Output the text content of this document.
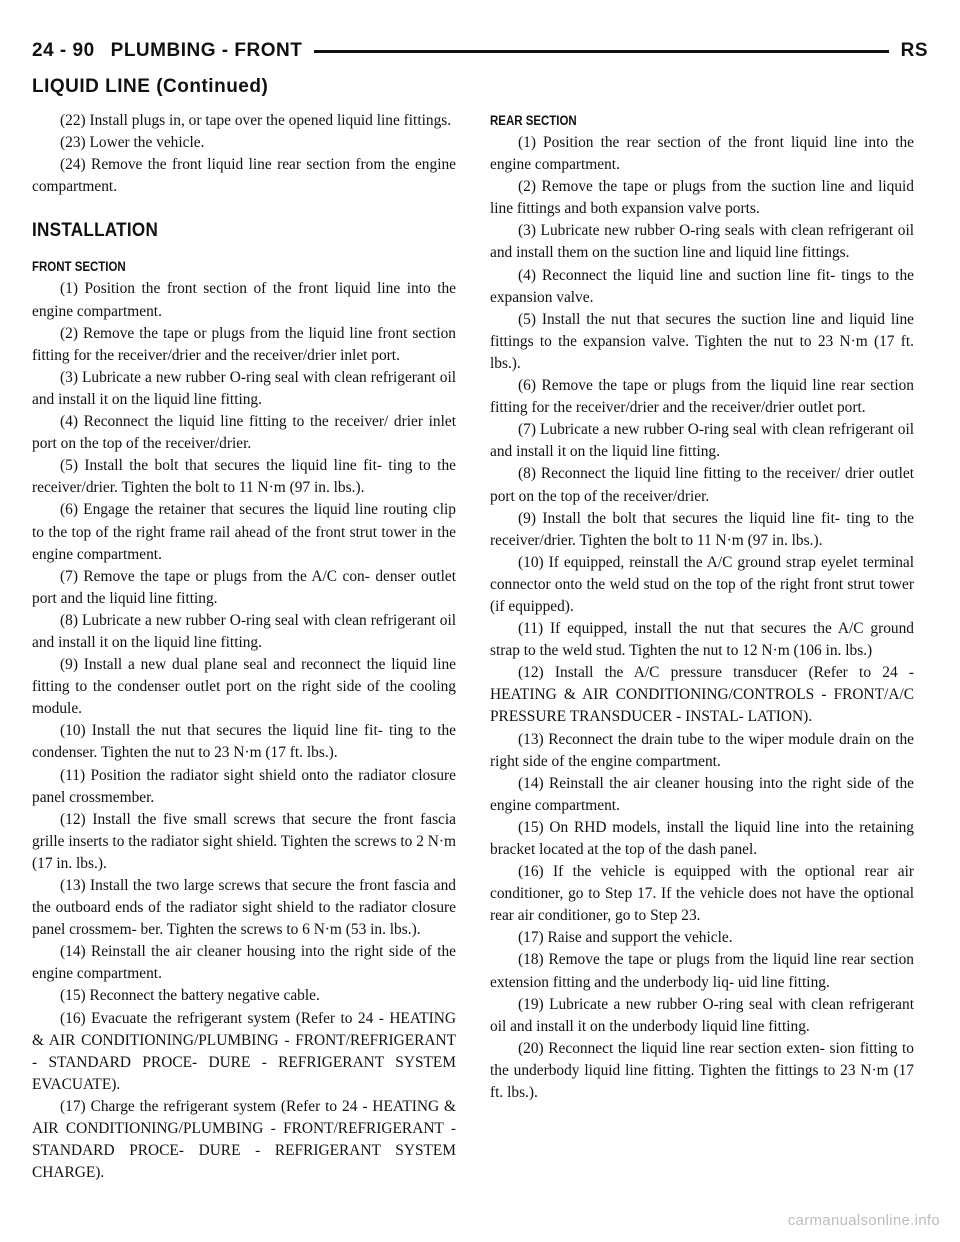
24 - 90 PLUMBING - FRONT	RS
LIQUID LINE (Continued)

(22) Install plugs in, or tape over the opened liquid line fittings.

(23) Lower the vehicle.

(24) Remove the front liquid line rear section from the engine compartment.

INSTALLATION
FRONT SECTION

(1) Position the front section of the front liquid line into the engine compartment.

(2) Remove the tape or plugs from the liquid line front section fitting for the receiver/drier and the receiver/drier inlet port.

(3) Lubricate a new rubber O-ring seal with clean refrigerant oil and install it on the liquid line fitting.

(4) Reconnect the liquid line fitting to the receiver/ drier inlet port on the top of the receiver/drier.

(5) Install the bolt that secures the liquid line fit- ting to the receiver/drier. Tighten the bolt to 11 N·m (97 in. lbs.).

(6) Engage the retainer that secures the liquid line routing clip to the top of the right frame rail ahead of the front strut tower in the engine compartment.

(7) Remove the tape or plugs from the A/C con- denser outlet port and the liquid line fitting.

(8) Lubricate a new rubber O-ring seal with clean refrigerant oil and install it on the liquid line fitting.

(9) Install a new dual plane seal and reconnect the liquid line fitting to the condenser outlet port on the right side of the cooling module.

(10) Install the nut that secures the liquid line fit- ting to the condenser. Tighten the nut to 23 N·m (17 ft. lbs.).

(11) Position the radiator sight shield onto the radiator closure panel crossmember.

(12) Install the five small screws that secure the front fascia grille inserts to the radiator sight shield. Tighten the screws to 2 N·m (17 in. lbs.).

(13) Install the two large screws that secure the front fascia and the outboard ends of the radiator sight shield to the radiator closure panel crossmem- ber. Tighten the screws to 6 N·m (53 in. lbs.).

(14) Reinstall the air cleaner housing into the right side of the engine compartment.

(15) Reconnect the battery negative cable.

(16) Evacuate the refrigerant system (Refer to 24 - HEATING & AIR CONDITIONING/PLUMBING - FRONT/REFRIGERANT - STANDARD PROCE- DURE - REFRIGERANT SYSTEM EVACUATE).

(17) Charge the refrigerant system (Refer to 24 - HEATING & AIR CONDITIONING/PLUMBING - FRONT/REFRIGERANT - STANDARD PROCE- DURE - REFRIGERANT SYSTEM CHARGE).

REAR SECTION

(1) Position the rear section of the front liquid line into the engine compartment.

(2) Remove the tape or plugs from the suction line and liquid line fittings and both expansion valve ports.

(3) Lubricate new rubber O-ring seals with clean refrigerant oil and install them on the suction line and liquid line fittings.

(4) Reconnect the liquid line and suction line fit- tings to the expansion valve.

(5) Install the nut that secures the suction line and liquid line fittings to the expansion valve. Tighten the nut to 23 N·m (17 ft. lbs.).

(6) Remove the tape or plugs from the liquid line rear section fitting for the receiver/drier and the receiver/drier outlet port.

(7) Lubricate a new rubber O-ring seal with clean refrigerant oil and install it on the liquid line fitting.

(8) Reconnect the liquid line fitting to the receiver/ drier outlet port on the top of the receiver/drier.

(9) Install the bolt that secures the liquid line fit- ting to the receiver/drier. Tighten the bolt to 11 N·m (97 in. lbs.).

(10) If equipped, reinstall the A/C ground strap eyelet terminal connector onto the weld stud on the top of the right front strut tower (if equipped).

(11) If equipped, install the nut that secures the A/C ground strap to the weld stud. Tighten the nut to 12 N·m (106 in. lbs.)

(12) Install the A/C pressure transducer (Refer to 24 - HEATING & AIR CONDITIONING/CONTROLS - FRONT/A/C PRESSURE TRANSDUCER - INSTAL- LATION).

(13) Reconnect the drain tube to the wiper module drain on the right side of the engine compartment.

(14) Reinstall the air cleaner housing into the right side of the engine compartment.

(15) On RHD models, install the liquid line into the retaining bracket located at the top of the dash panel.

(16) If the vehicle is equipped with the optional rear air conditioner, go to Step 17. If the vehicle does not have the optional rear air conditioner, go to Step 23.

(17) Raise and support the vehicle.

(18) Remove the tape or plugs from the liquid line rear section extension fitting and the underbody liq- uid line fitting.

(19) Lubricate a new rubber O-ring seal with clean refrigerant oil and install it on the underbody liquid line fitting.

(20) Reconnect the liquid line rear section exten- sion fitting to the underbody liquid line fitting. Tighten the fittings to 23 N·m (17 ft. lbs.).

carmanualsonline.info
